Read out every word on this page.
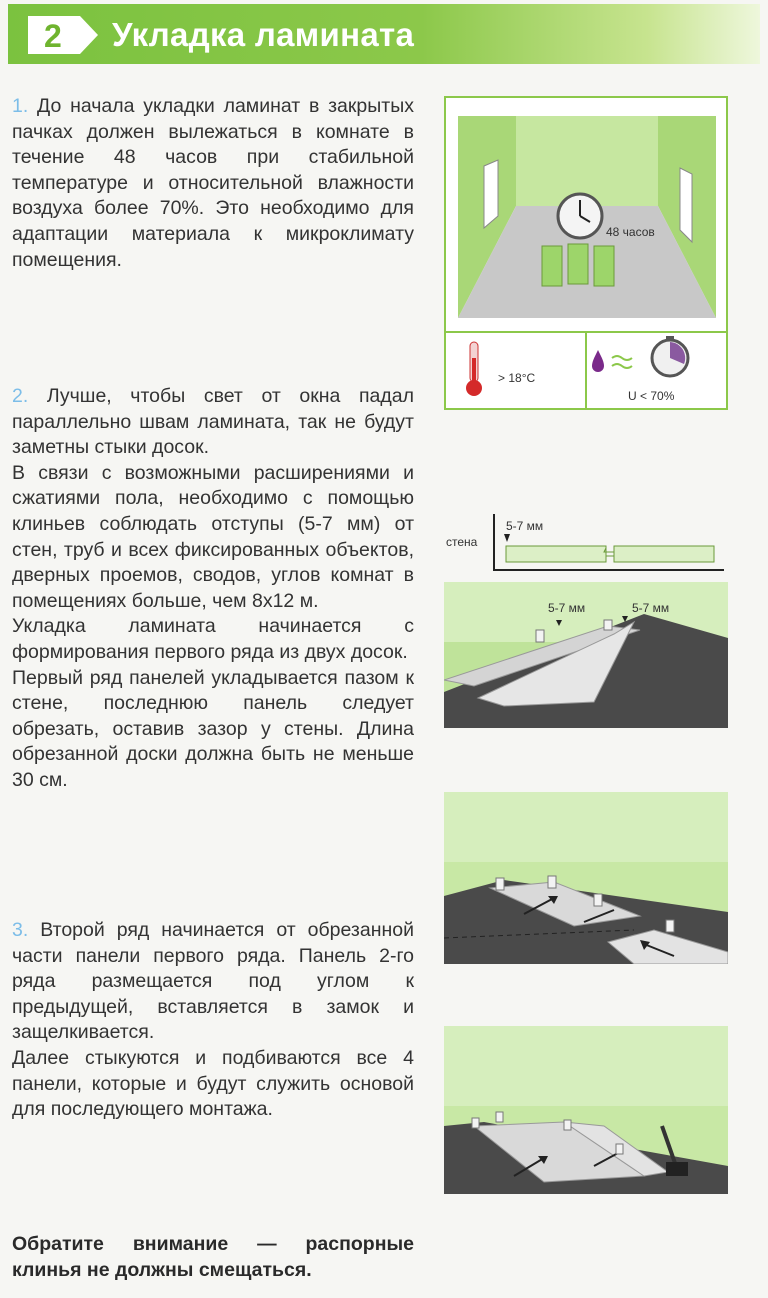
2 Укладка ламината

1. До начала укладки ламинат в закрытых пачках должен вылежаться в комнате в течение 48 часов при стабильной температуре и относительной влажности воздуха более 70%. Это необходимо для адаптации материала к микроклимату помещения.

2. Лучше, чтобы свет от окна падал параллельно швам ламината, так не будут заметны стыки досок.

В связи с возможными расширениями и сжатиями пола, необходимо с помощью клиньев соблюдать отступы (5-7 мм) от стен, труб и всех фиксированных объектов, дверных проемов, сводов, углов комнат в помещениях больше, чем 8х12 м.

Укладка ламината начинается с формирования первого ряда из двух досок.

Первый ряд панелей укладывается пазом к стене, последнюю панель следует обрезать, оставив зазор у стены. Длина обрезанной доски должна быть не меньше 30 см.

3. Второй ряд начинается от обрезанной части панели первого ряда. Панель 2-го ряда размещается под углом к предыдущей, вставляется в замок и защелкивается.

Далее стыкуются и подбиваются все 4 панели, которые и будут служить основой для последующего монтажа.

Обратите внимание — распорные клинья не должны смещаться.
48 часов
> 18°С
U < 70%
стена
5-7 мм
5-7 мм	5-7 мм
